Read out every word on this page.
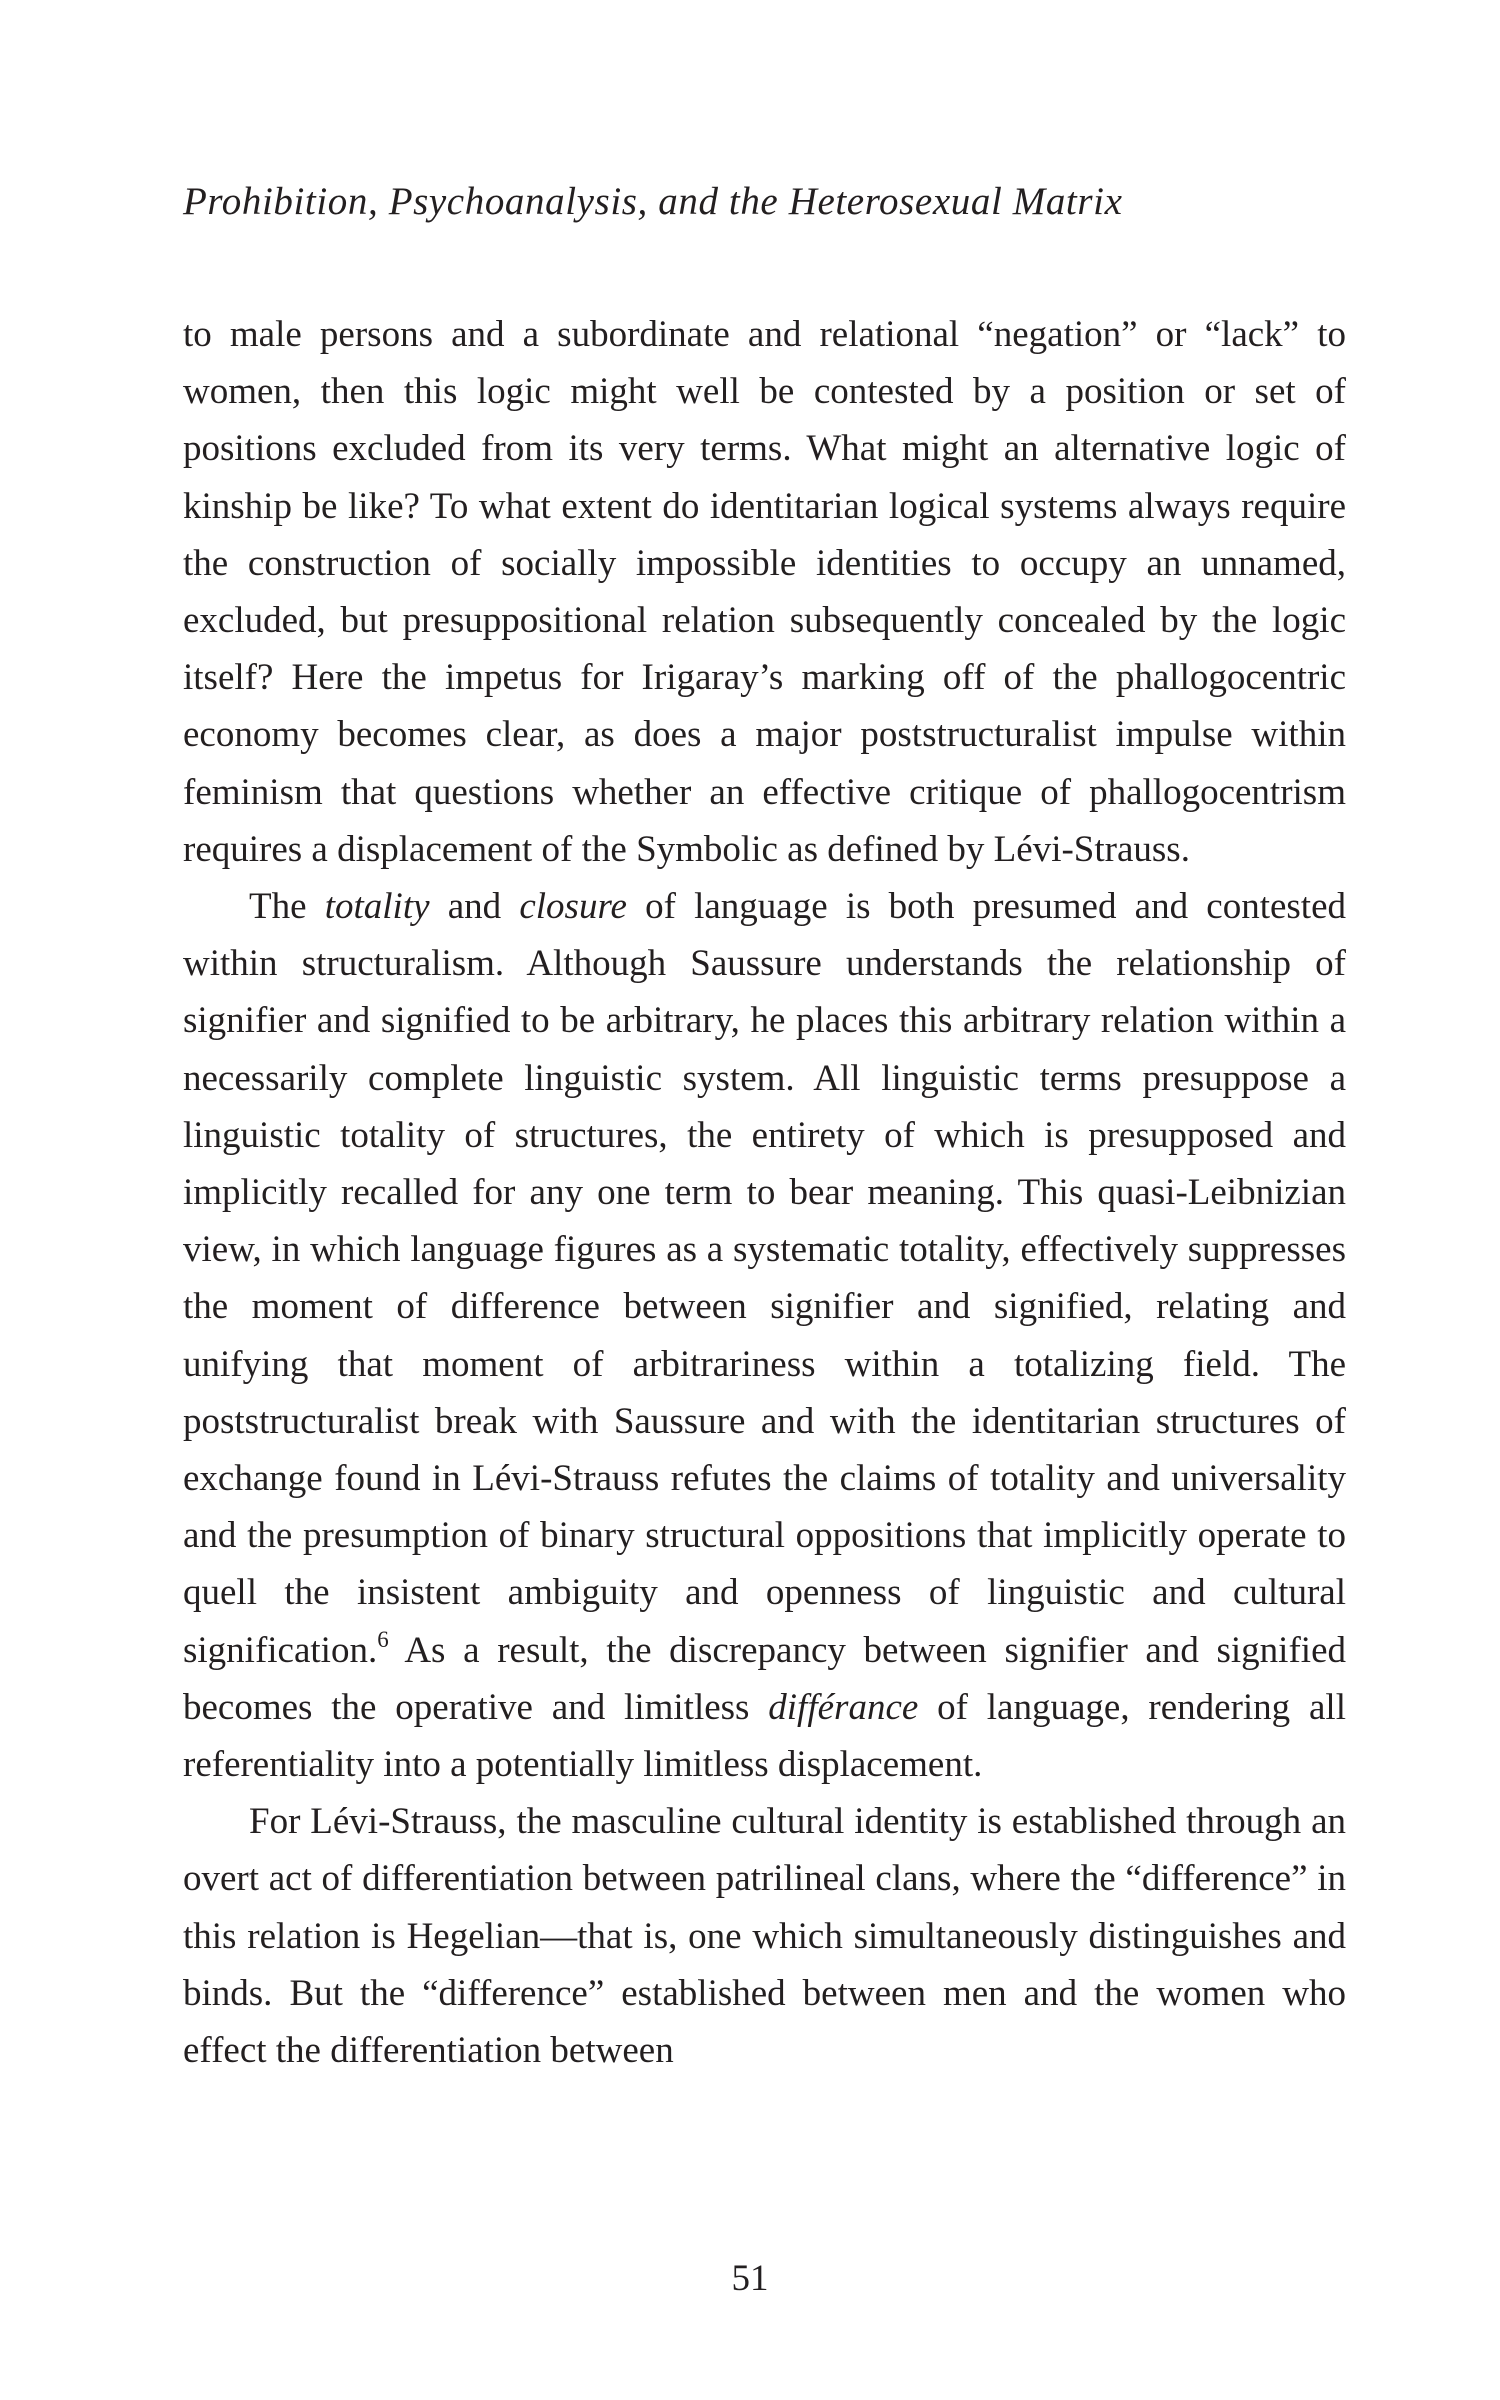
Prohibition, Psychoanalysis, and the Heterosexual Matrix

to male persons and a subordinate and relational “negation” or “lack” to women, then this logic might well be contested by a position or set of positions excluded from its very terms. What might an alternative logic of kinship be like? To what extent do identitarian logical systems always require the construction of socially impossible identities to occupy an unnamed, excluded, but presuppositional relation subsequently concealed by the logic itself? Here the impetus for Irigaray’s marking off of the phallogocentric economy becomes clear, as does a major poststructuralist impulse within feminism that questions whether an effective critique of phallogocentrism requires a displacement of the Symbolic as defined by Lévi-Strauss.

The totality and closure of language is both presumed and contested within structuralism. Although Saussure understands the relationship of signifier and signified to be arbitrary, he places this arbitrary relation within a necessarily complete linguistic system. All linguistic terms presuppose a linguistic totality of structures, the entirety of which is presupposed and implicitly recalled for any one term to bear meaning. This quasi-Leibnizian view, in which language figures as a systematic totality, effectively suppresses the moment of difference between signifier and signified, relating and unifying that moment of arbitrariness within a totalizing field. The poststructuralist break with Saussure and with the identitarian structures of exchange found in Lévi-Strauss refutes the claims of totality and universality and the presumption of binary structural oppositions that implicitly operate to quell the insistent ambiguity and openness of linguistic and cultural signification.$^6$ As a result, the discrepancy between signifier and signified becomes the operative and limitless différance of language, rendering all referentiality into a potentially limitless displacement.

For Lévi-Strauss, the masculine cultural identity is established through an overt act of differentiation between patrilineal clans, where the “difference” in this relation is Hegelian—that is, one which simultaneously distinguishes and binds. But the “difference” established between men and the women who effect the differentiation between

51
